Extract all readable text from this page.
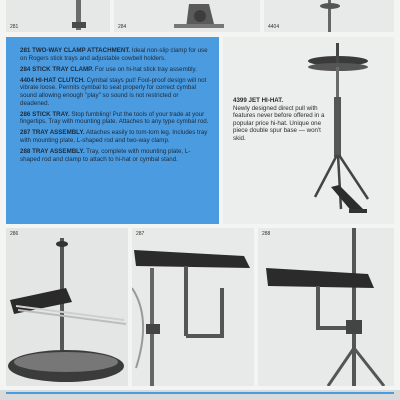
281	284	4404

281 TWO-WAY CLAMP ATTACHMENT. Ideal non-slip clamp for use on Rogers stick trays and adjustable cowbell holders.

284 STICK TRAY CLAMP. For use on hi-hat stick tray assembly.

4404 HI-HAT CLUTCH. Cymbal stays put! Fool-proof design will not vibrate loose. Permits cymbal to seat properly for correct cymbal sound allowing enough "play" so sound is not restricted or deadened.

286 STICK TRAY. Stop fumbling! Put the tools of your trade at your fingertips. Tray with mounting plate. Attaches to any type cymbal rod.

287 TRAY ASSEMBLY. Attaches easily to tom-tom leg. Includes tray with mounting plate, L-shaped rod and two-way clamp.

288 TRAY ASSEMBLY. Tray, complete with mounting plate, L-shaped rod and clamp to attach to hi-hat or cymbal stand.

4399 JET HI-HAT.
Newly designed direct pull with features never before offered in a popular price hi-hat. Unique one piece double spur base — won't skid.
286	287	288
